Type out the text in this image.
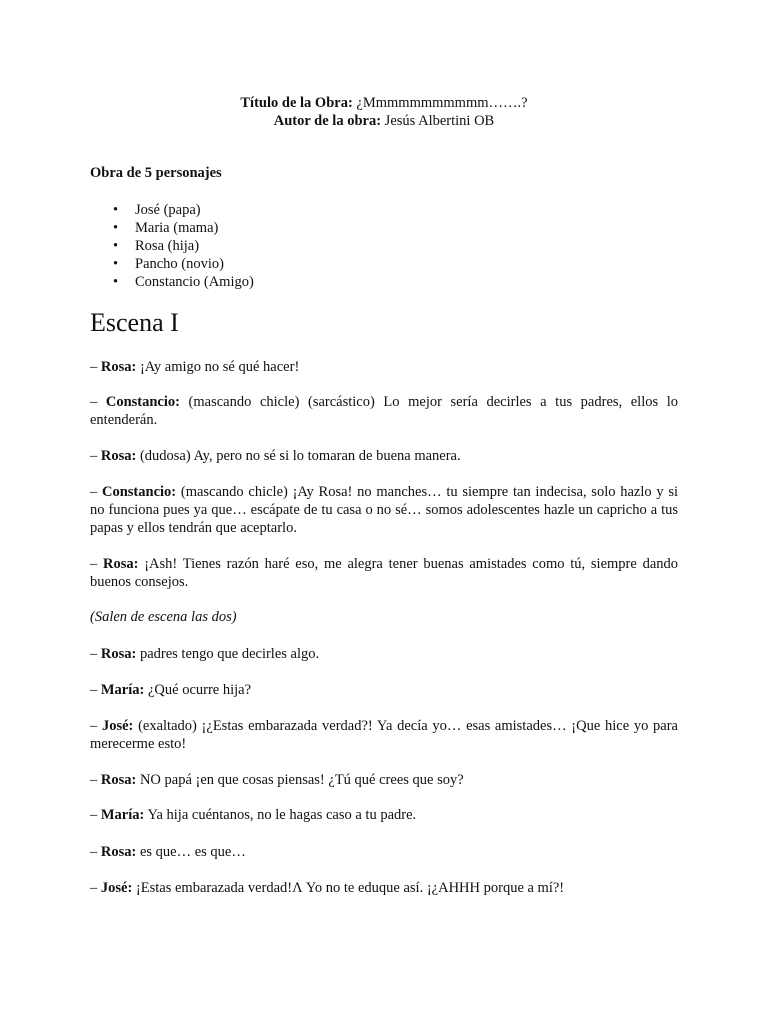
Título de la Obra: ¿Mmmmmmmmmmm…….?
Autor de la obra: Jesús Albertini OB
Obra de 5 personajes
• José (papa)
• Maria (mama)
• Rosa (hija)
• Pancho (novio)
• Constancio (Amigo)
Escena I

– Rosa: ¡Ay amigo no sé qué hacer!

– Constancio: (mascando chicle) (sarcástico) Lo mejor sería decirles a tus padres, ellos lo entenderán.

– Rosa: (dudosa) Ay, pero no sé si lo tomaran de buena manera.

– Constancio: (mascando chicle) ¡Ay Rosa! no manches… tu siempre tan indecisa, solo hazlo y si no funciona pues ya que… escápate de tu casa o no sé… somos adolescentes hazle un capricho a tus papas y ellos tendrán que aceptarlo.

– Rosa: ¡Ash! Tienes razón haré eso, me alegra tener buenas amistades como tú, siempre dando buenos consejos.

(Salen de escena las dos)

– Rosa: padres tengo que decirles algo.

– María: ¿Qué ocurre hija?

– José: (exaltado) ¡¿Estas embarazada verdad?! Ya decía yo… esas amistades… ¡Que hice yo para merecerme esto!

– Rosa: NO papá ¡en que cosas piensas! ¿Tú qué crees que soy?

– María: Ya hija cuéntanos, no le hagas caso a tu padre.

– Rosa: es que… es que…

– José: ¡Estas embarazada verdad!Λ Yo no te eduque así. ¡¿AHHH porque a mí?!
